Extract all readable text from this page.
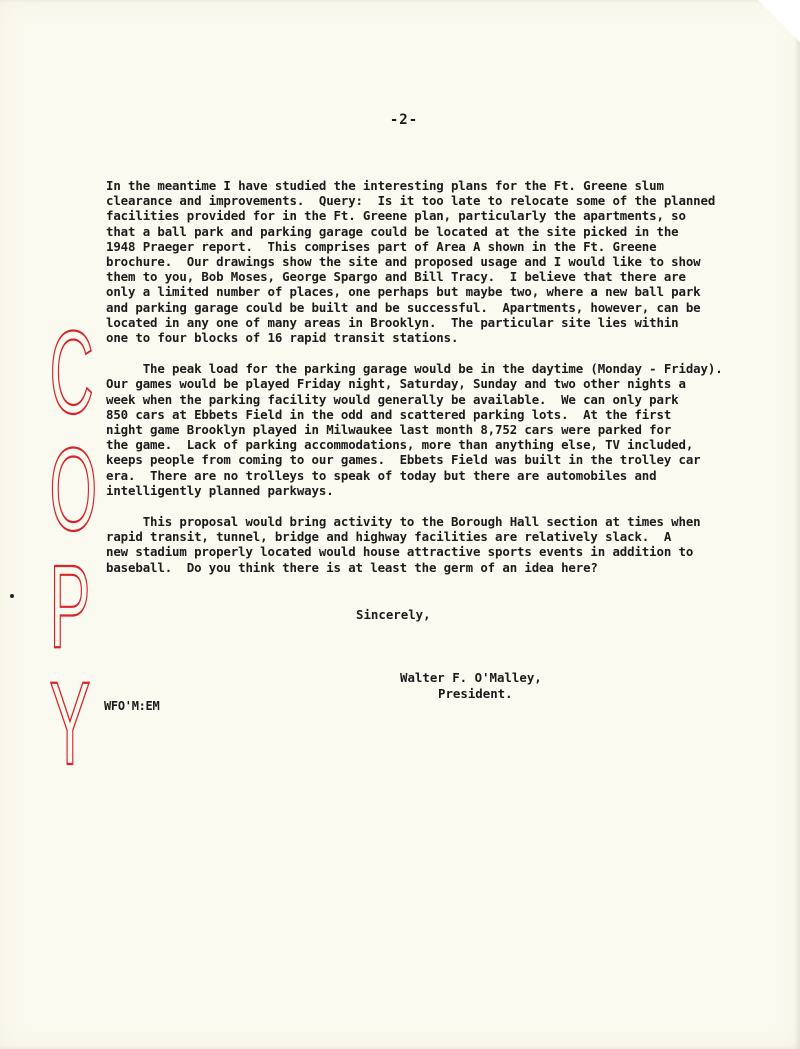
-2-

In the meantime I have studied the interesting plans for the Ft. Greene slum
clearance and improvements.  Query:  Is it too late to relocate some of the planned
facilities provided for in the Ft. Greene plan, particularly the apartments, so
that a ball park and parking garage could be located at the site picked in the
1948 Praeger report.  This comprises part of Area A shown in the Ft. Greene
brochure.  Our drawings show the site and proposed usage and I would like to show
them to you, Bob Moses, George Spargo and Bill Tracy.  I believe that there are
only a limited number of places, one perhaps but maybe two, where a new ball park
and parking garage could be built and be successful.  Apartments, however, can be
located in any one of many areas in Brooklyn.  The particular site lies within
one to four blocks of 16 rapid transit stations.

The peak load for the parking garage would be in the daytime (Monday - Friday).
Our games would be played Friday night, Saturday, Sunday and two other nights a
week when the parking facility would generally be available.  We can only park
850 cars at Ebbets Field in the odd and scattered parking lots.  At the first
night game Brooklyn played in Milwaukee last month 8,752 cars were parked for
the game.  Lack of parking accommodations, more than anything else, TV included,
keeps people from coming to our games.  Ebbets Field was built in the trolley car
era.  There are no trolleys to speak of today but there are automobiles and
intelligently planned parkways.

This proposal would bring activity to the Borough Hall section at times when
rapid transit, tunnel, bridge and highway facilities are relatively slack.  A
new stadium properly located would house attractive sports events in addition to
baseball.  Do you think there is at least the germ of an idea here?

Sincerely,
Walter F. O'Malley,
President.
WFO'M:EM
C
O
P
Y
